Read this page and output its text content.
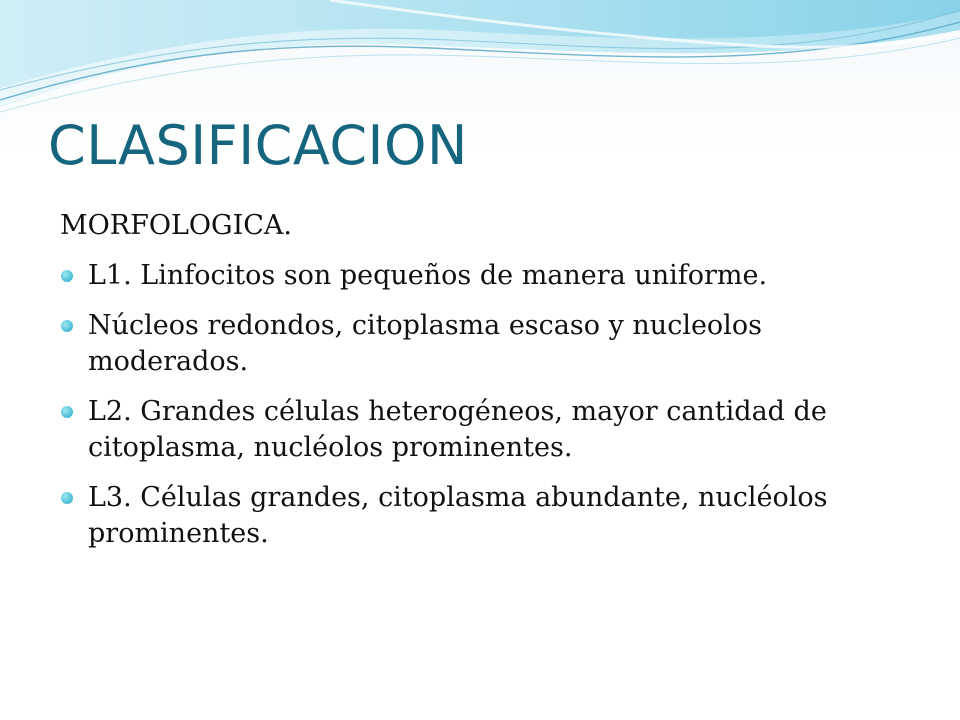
CLASIFICACION

MORFOLOGICA.

L1. Linfocitos son pequeños de manera uniforme.
Núcleos redondos, citoplasma escaso y nucleolos moderados.
L2. Grandes células heterogéneos, mayor cantidad de citoplasma, nucléolos prominentes.
L3. Células grandes, citoplasma abundante, nucléolos prominentes.
